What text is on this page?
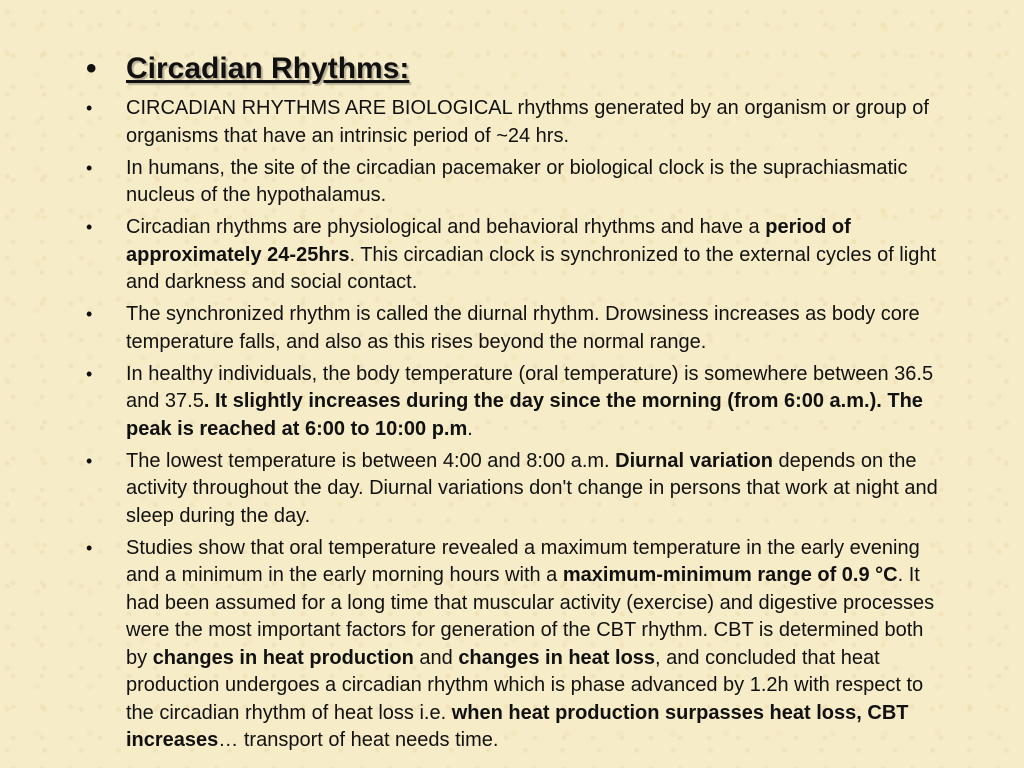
• Circadian Rhythms:
• CIRCADIAN RHYTHMS ARE BIOLOGICAL rhythms generated by an organism or group of organisms that have an intrinsic period of ~24 hrs.
• In humans, the site of the circadian pacemaker or biological clock is the suprachiasmatic nucleus of the hypothalamus.
• Circadian rhythms are physiological and behavioral rhythms and have a period of approximately 24-25hrs. This circadian clock is synchronized to the external cycles of light and darkness and social contact.
• The synchronized rhythm is called the diurnal rhythm. Drowsiness increases as body core temperature falls, and also as this rises beyond the normal range.
• In healthy individuals, the body temperature (oral temperature) is somewhere between 36.5 and 37.5. It slightly increases during the day since the morning (from 6:00 a.m.). The peak is reached at 6:00 to 10:00 p.m.
• The lowest temperature is between 4:00 and 8:00 a.m. Diurnal variation depends on the activity throughout the day. Diurnal variations don't change in persons that work at night and sleep during the day.
• Studies show that oral temperature revealed a maximum temperature in the early evening and a minimum in the early morning hours with a maximum-minimum range of 0.9 °C. It had been assumed for a long time that muscular activity (exercise) and digestive processes were the most important factors for generation of the CBT rhythm. CBT is determined both by changes in heat production and changes in heat loss, and concluded that heat production undergoes a circadian rhythm which is phase advanced by 1.2h with respect to the circadian rhythm of heat loss i.e. when heat production surpasses heat loss, CBT increases… transport of heat needs time.
